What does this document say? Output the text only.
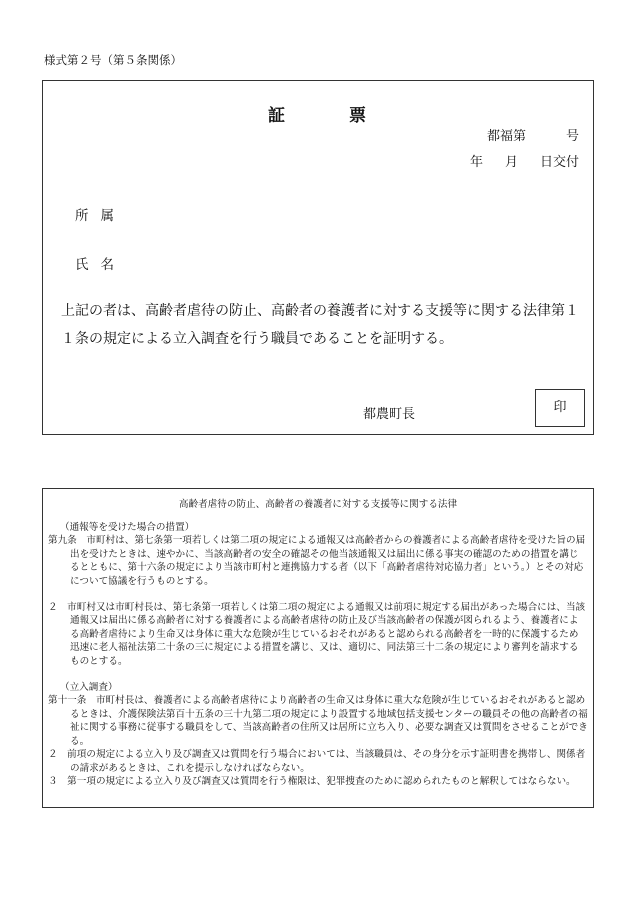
様式第２号（第５条関係）
証	票
都福第	号
年 月 日交付
所 属
氏 名
上記の者は、高齢者虐待の防止、高齢者の養護者に対する支援等に関する法律第１１条の規定による立入調査を行う職員であることを証明する。
都農町長	印
高齢者虐待の防止、高齢者の養護者に対する支援等に関する法律

（通報等を受けた場合の措置）

第九条　市町村は、第七条第一項若しくは第二項の規定による通報又は高齢者からの養護者による高齢者虐待を受けた旨の届出を受けたときは、速やかに、当該高齢者の安全の確認その他当該通報又は届出に係る事実の確認のための措置を講じるとともに、第十六条の規定により当該市町村と連携協力する者（以下「高齢者虐待対応協力者」という。）とその対応について協議を行うものとする。

２　市町村又は市町村長は、第七条第一項若しくは第二項の規定による通報又は前項に規定する届出があった場合には、当該通報又は届出に係る高齢者に対する養護者による高齢者虐待の防止及び当該高齢者の保護が図られるよう、養護者による高齢者虐待により生命又は身体に重大な危険が生じているおそれがあると認められる高齢者を一時的に保護するため迅速に老人福祉法第二十条の三に規定による措置を講じ、又は、適切に、同法第三十二条の規定により審判を請求するものとする。

（立入調査）

第十一条　市町村長は、養護者による高齢者虐待により高齢者の生命又は身体に重大な危険が生じているおそれがあると認めるときは、介護保険法第百十五条の三十九第二項の規定により設置する地域包括支援センターの職員その他の高齢者の福祉に関する事務に従事する職員をして、当該高齢者の住所又は居所に立ち入り、必要な調査又は質問をさせることができる。

２　前項の規定による立入り及び調査又は質問を行う場合においては、当該職員は、その身分を示す証明書を携帯し、関係者の請求があるときは、これを提示しなければならない。

３　第一項の規定による立入り及び調査又は質問を行う権限は、犯罪捜査のために認められたものと解釈してはならない。
